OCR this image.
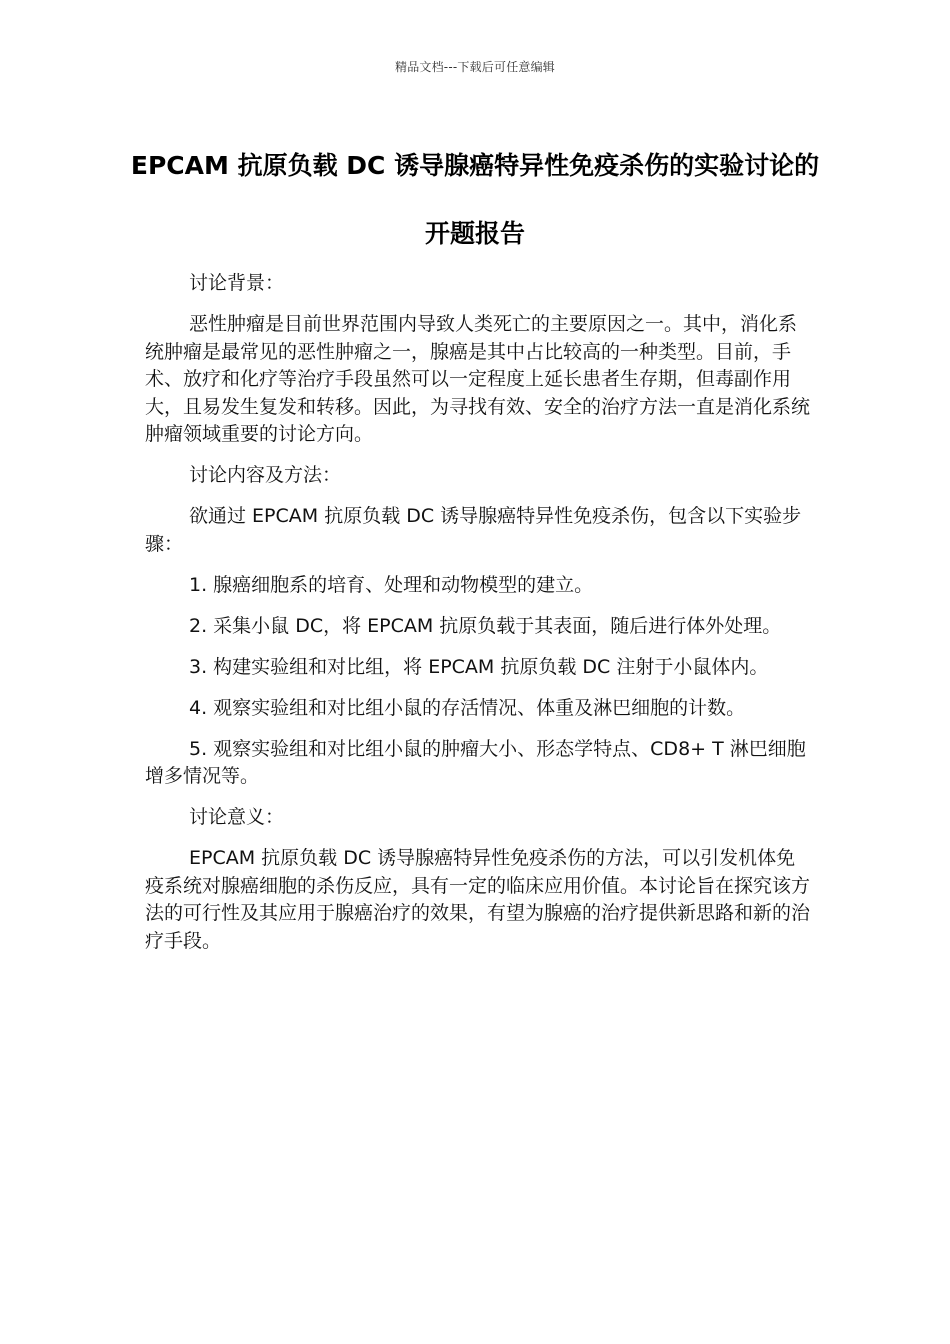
精品文档---下载后可任意编辑
EPCAM 抗原负载 DC 诱导腺癌特异性免疫杀伤的实验讨论的开题报告

讨论背景：

恶性肿瘤是目前世界范围内导致人类死亡的主要原因之一。其中，消化系统肿瘤是最常见的恶性肿瘤之一，腺癌是其中占比较高的一种类型。目前，手术、放疗和化疗等治疗手段虽然可以一定程度上延长患者生存期，但毒副作用大，且易发生复发和转移。因此，为寻找有效、安全的治疗方法一直是消化系统肿瘤领域重要的讨论方向。

讨论内容及方法：

欲通过 EPCAM 抗原负载 DC 诱导腺癌特异性免疫杀伤，包含以下实验步骤：

1. 腺癌细胞系的培育、处理和动物模型的建立。

2. 采集小鼠 DC，将 EPCAM 抗原负载于其表面，随后进行体外处理。

3. 构建实验组和对比组，将 EPCAM 抗原负载 DC 注射于小鼠体内。

4. 观察实验组和对比组小鼠的存活情况、体重及淋巴细胞的计数。

5. 观察实验组和对比组小鼠的肿瘤大小、形态学特点、CD8+ T 淋巴细胞增多情况等。

讨论意义：

EPCAM 抗原负载 DC 诱导腺癌特异性免疫杀伤的方法，可以引发机体免疫系统对腺癌细胞的杀伤反应，具有一定的临床应用价值。本讨论旨在探究该方法的可行性及其应用于腺癌治疗的效果，有望为腺癌的治疗提供新思路和新的治疗手段。
